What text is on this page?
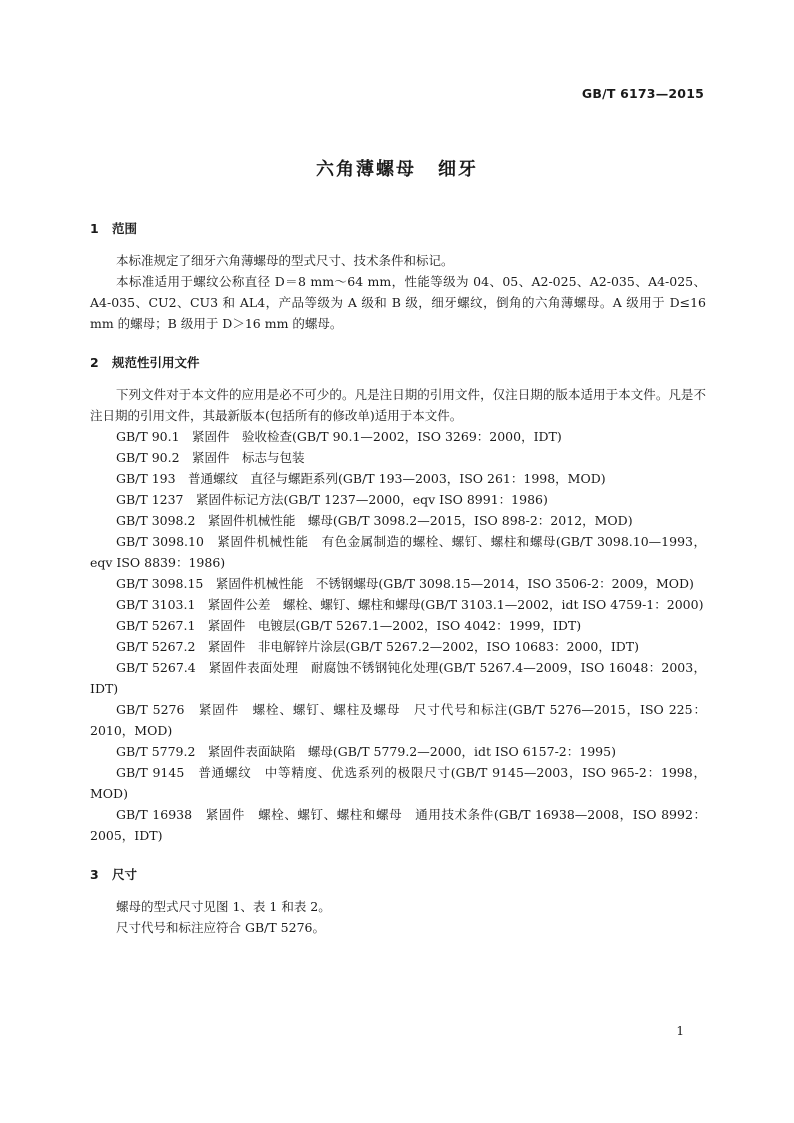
GB/T 6173—2015
六角薄螺母 细牙

1 范围

本标准规定了细牙六角薄螺母的型式尺寸、技术条件和标记。

本标准适用于螺纹公称直径 D＝8 mm～64 mm，性能等级为 04、05、A2-025、A2-035、A4-025、A4-035、CU2、CU3 和 AL4，产品等级为 A 级和 B 级，细牙螺纹，倒角的六角薄螺母。A 级用于 D≤16 mm 的螺母；B 级用于 D＞16 mm 的螺母。

2 规范性引用文件

下列文件对于本文件的应用是必不可少的。凡是注日期的引用文件，仅注日期的版本适用于本文件。凡是不注日期的引用文件，其最新版本(包括所有的修改单)适用于本文件。

GB/T 90.1　紧固件　验收检查(GB/T 90.1—2002，ISO 3269：2000，IDT)

GB/T 90.2　紧固件　标志与包装

GB/T 193　普通螺纹　直径与螺距系列(GB/T 193—2003，ISO 261：1998，MOD)

GB/T 1237　紧固件标记方法(GB/T 1237—2000，eqv ISO 8991：1986)

GB/T 3098.2　紧固件机械性能　螺母(GB/T 3098.2—2015，ISO 898-2：2012，MOD)

GB/T 3098.10　紧固件机械性能　有色金属制造的螺栓、螺钉、螺柱和螺母(GB/T 3098.10—1993，eqv ISO 8839：1986)

GB/T 3098.15　紧固件机械性能　不锈钢螺母(GB/T 3098.15—2014，ISO 3506-2：2009，MOD)

GB/T 3103.1　紧固件公差　螺栓、螺钉、螺柱和螺母(GB/T 3103.1—2002，idt ISO 4759-1：2000)

GB/T 5267.1　紧固件　电镀层(GB/T 5267.1—2002，ISO 4042：1999，IDT)

GB/T 5267.2　紧固件　非电解锌片涂层(GB/T 5267.2—2002，ISO 10683：2000，IDT)

GB/T 5267.4　紧固件表面处理　耐腐蚀不锈钢钝化处理(GB/T 5267.4—2009，ISO 16048：2003，IDT)

GB/T 5276　紧固件　螺栓、螺钉、螺柱及螺母　尺寸代号和标注(GB/T 5276—2015，ISO 225：2010，MOD)

GB/T 5779.2　紧固件表面缺陷　螺母(GB/T 5779.2—2000，idt ISO 6157-2：1995)

GB/T 9145　普通螺纹　中等精度、优选系列的极限尺寸(GB/T 9145—2003，ISO 965-2：1998，MOD)

GB/T 16938　紧固件　螺栓、螺钉、螺柱和螺母　通用技术条件(GB/T 16938—2008，ISO 8992：2005，IDT)

3 尺寸

螺母的型式尺寸见图 1、表 1 和表 2。

尺寸代号和标注应符合 GB/T 5276。

1
